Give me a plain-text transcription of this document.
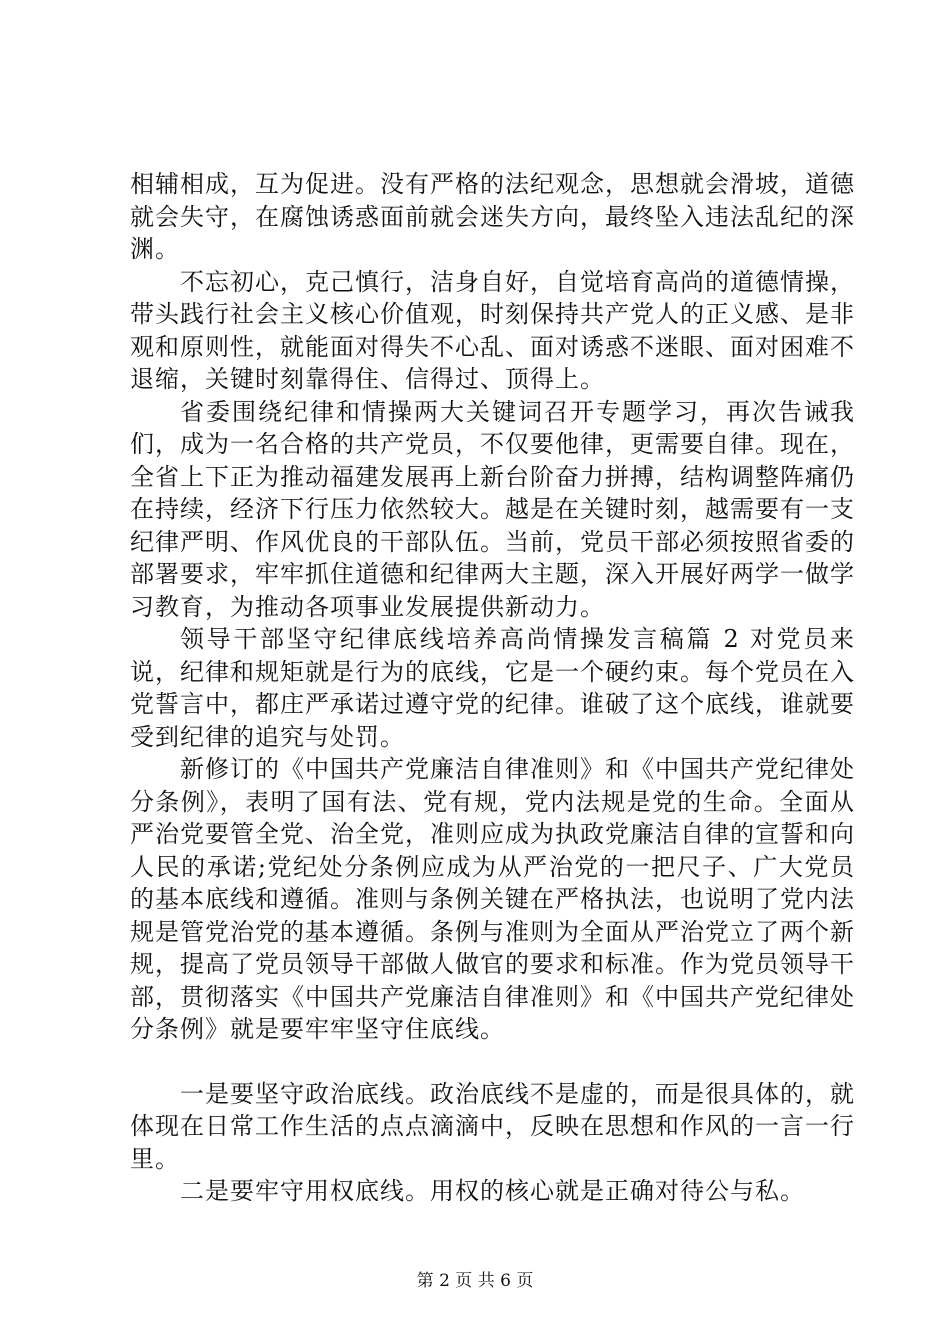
相辅相成，互为促进。没有严格的法纪观念，思想就会滑坡，道德就会失守，在腐蚀诱惑面前就会迷失方向，最终坠入违法乱纪的深渊。

不忘初心，克己慎行，洁身自好，自觉培育高尚的道德情操，带头践行社会主义核心价值观，时刻保持共产党人的正义感、是非观和原则性，就能面对得失不心乱、面对诱惑不迷眼、面对困难不退缩，关键时刻靠得住、信得过、顶得上。

省委围绕纪律和情操两大关键词召开专题学习，再次告诫我们，成为一名合格的共产党员，不仅要他律，更需要自律。现在，全省上下正为推动福建发展再上新台阶奋力拼搏，结构调整阵痛仍在持续，经济下行压力依然较大。越是在关键时刻，越需要有一支纪律严明、作风优良的干部队伍。当前，党员干部必须按照省委的部署要求，牢牢抓住道德和纪律两大主题，深入开展好两学一做学习教育，为推动各项事业发展提供新动力。

领导干部坚守纪律底线培养高尚情操发言稿篇 2 对党员来说，纪律和规矩就是行为的底线，它是一个硬约束。每个党员在入党誓言中，都庄严承诺过遵守党的纪律。谁破了这个底线，谁就要受到纪律的追究与处罚。

新修订的《中国共产党廉洁自律准则》和《中国共产党纪律处分条例》，表明了国有法、党有规，党内法规是党的生命。全面从严治党要管全党、治全党，准则应成为执政党廉洁自律的宣誓和向人民的承诺;党纪处分条例应成为从严治党的一把尺子、广大党员的基本底线和遵循。准则与条例关键在严格执法，也说明了党内法规是管党治党的基本遵循。条例与准则为全面从严治党立了两个新规，提高了党员领导干部做人做官的要求和标准。作为党员领导干部，贯彻落实《中国共产党廉洁自律准则》和《中国共产党纪律处分条例》就是要牢牢坚守住底线。

一是要坚守政治底线。政治底线不是虚的，而是很具体的，就体现在日常工作生活的点点滴滴中，反映在思想和作风的一言一行里。

二是要牢守用权底线。用权的核心就是正确对待公与私。

第 2 页 共 6 页
